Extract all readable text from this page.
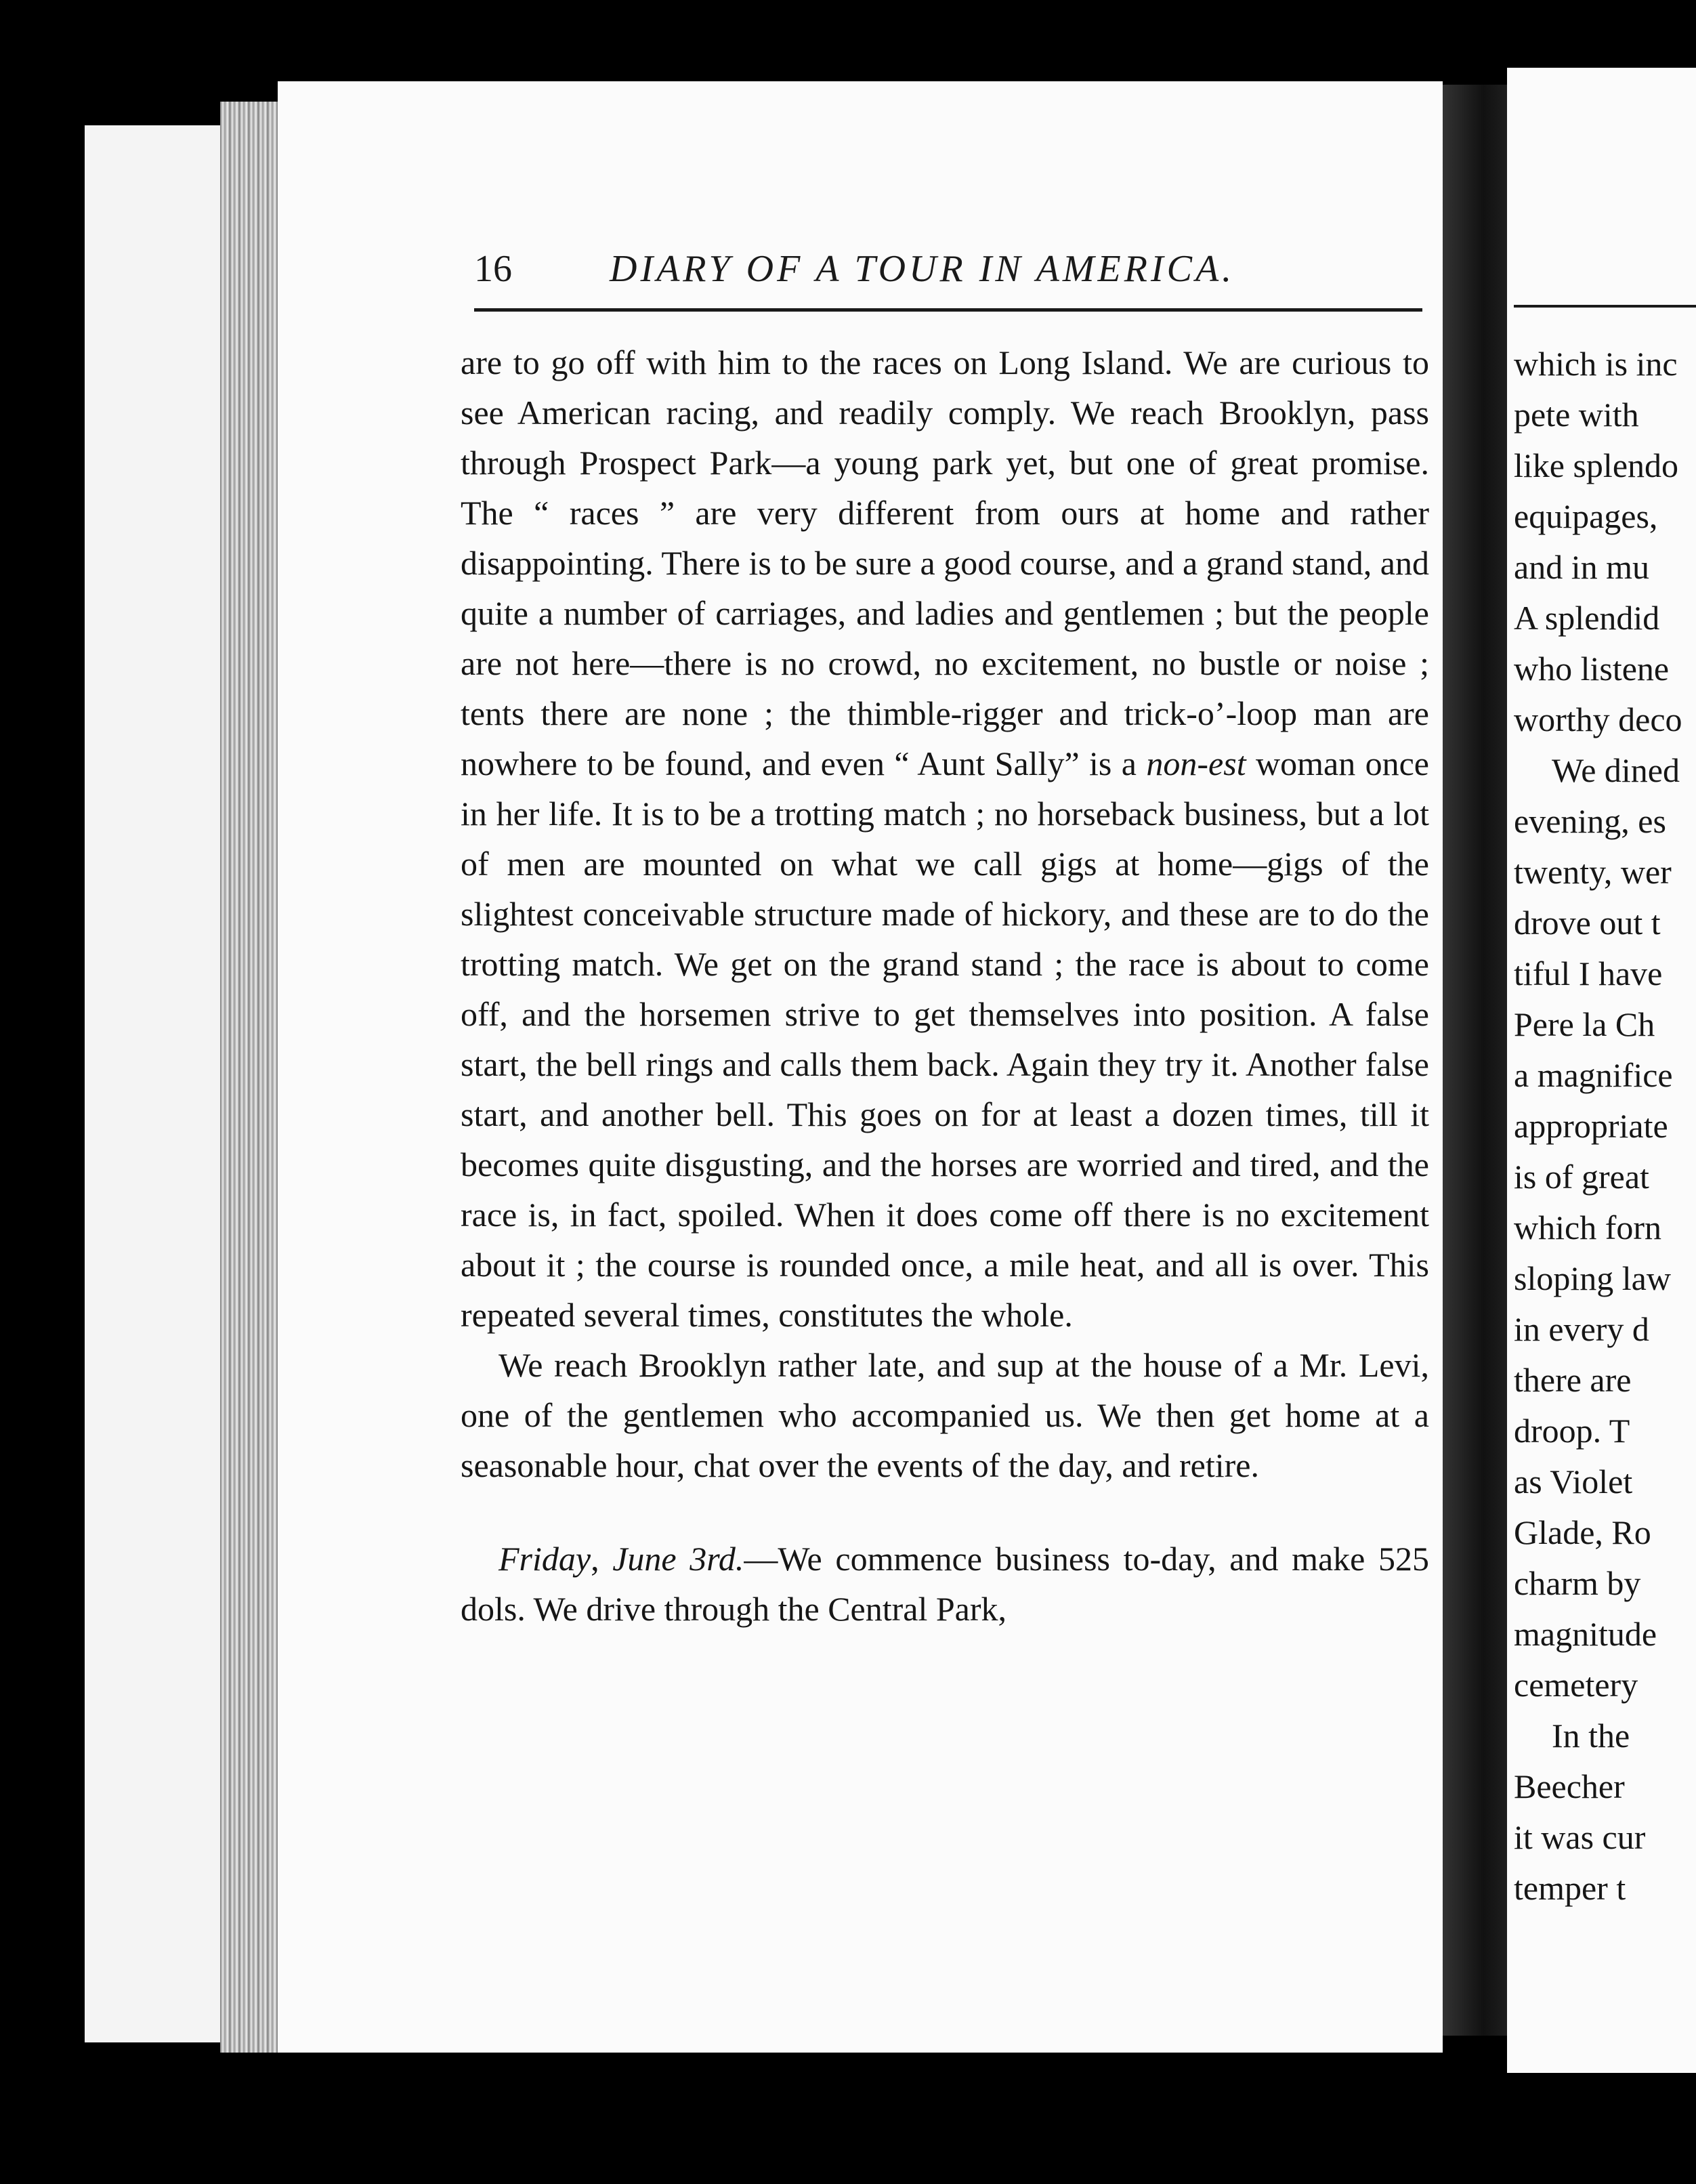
16	DIARY OF A TOUR IN AMERICA.

are to go off with him to the races on Long Island. We are curious to see American racing, and readily comply. We reach Brooklyn, pass through Prospect Park—a young park yet, but one of great promise. The “ races ” are very different from ours at home and rather disappointing. There is to be sure a good course, and a grand stand, and quite a number of carriages, and ladies and gentlemen ; but the people are not here—there is no crowd, no excitement, no bustle or noise ; tents there are none ; the thimble-rigger and trick-o’-loop man are nowhere to be found, and even “ Aunt Sally” is a non-est woman once in her life. It is to be a trotting match ; no horseback business, but a lot of men are mounted on what we call gigs at home—gigs of the slightest conceivable structure made of hickory, and these are to do the trotting match. We get on the grand stand ; the race is about to come off, and the horsemen strive to get themselves into position. A false start, the bell rings and calls them back. Again they try it. Another false start, and another bell. This goes on for at least a dozen times, till it becomes quite disgusting, and the horses are worried and tired, and the race is, in fact, spoiled. When it does come off there is no excitement about it ; the course is rounded once, a mile heat, and all is over. This repeated several times, constitutes the whole.

We reach Brooklyn rather late, and sup at the house of a Mr. Levi, one of the gentlemen who accompanied us. We then get home at a seasonable hour, chat over the events of the day, and retire.

Friday, June 3rd.—We commence business to-day, and make 525 dols. We drive through the Central Park,

which is inc
pete with
like splendo
equipages,
and in mu
A splendid
who listene
worthy deco
We dined
evening, es
twenty, wer
drove out t
tiful I have
Pere la Ch
a magnifice
appropriate
is of great
which forn
sloping law
in every d
there are
droop. T
as Violet
Glade, Ro
charm by
magnitude
cemetery
In the
Beecher
it was cur
temper t
